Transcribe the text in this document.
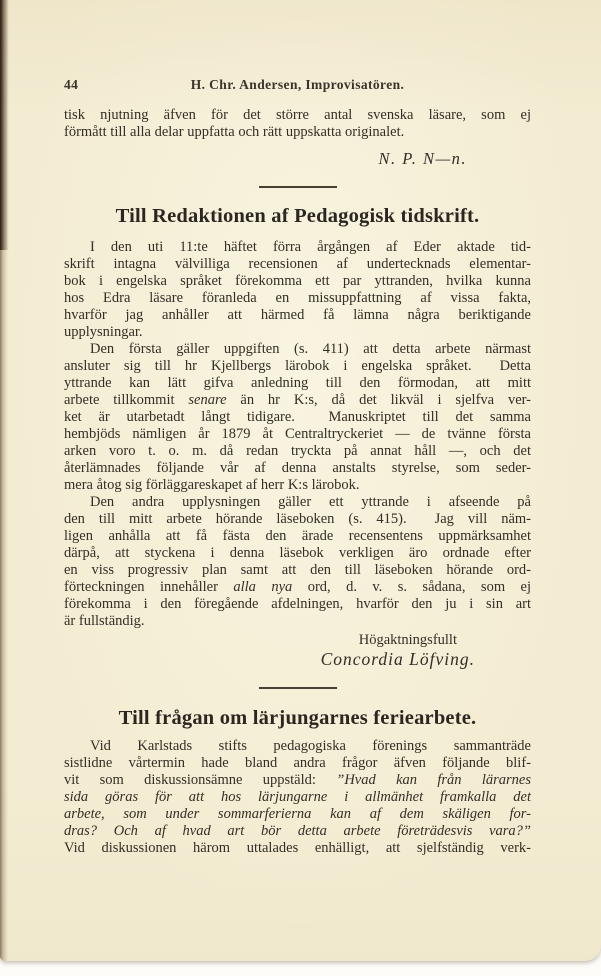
44	H. Chr. Andersen, Improvisatören.
tisk njutning äfven för det större antal svenska läsare, som ej
förmått till alla delar uppfatta och rätt uppskatta originalet.
N. P. N—n.
Till Redaktionen af Pedagogisk tidskrift.
I den uti 11:te häftet förra årgången af Eder aktade tid-
skrift intagna välvilliga recensionen af undertecknads elementar-
bok i engelska språket förekomma ett par yttranden, hvilka kunna
hos Edra läsare föranleda en missuppfattning af vissa fakta,
hvarför jag anhåller att härmed få lämna några beriktigande
upplysningar.
Den första gäller uppgiften (s. 411) att detta arbete närmast
ansluter sig till hr Kjellbergs lärobok i engelska språket.  Detta
yttrande kan lätt gifva anledning till den förmodan, att mitt
arbete tillkommit senare än hr K:s, då det likväl i sjelfva ver-
ket är utarbetadt långt tidigare.  Manuskriptet till det samma
hembjöds nämligen år 1879 åt Centraltryckeriet — de tvänne första
arken voro t. o. m. då redan tryckta på annat håll —, och det
återlämnades följande vår af denna anstalts styrelse, som seder-
mera åtog sig förläggareskapet af herr K:s lärobok.
Den andra upplysningen gäller ett yttrande i afseende på
den till mitt arbete hörande läseboken (s. 415).  Jag vill näm-
ligen anhålla att få fästa den ärade recensentens uppmärksamhet
därpå, att styckena i denna läsebok verkligen äro ordnade efter
en viss progressiv plan samt att den till läseboken hörande ord-
förteckningen innehåller alla nya ord, d. v. s. sådana, som ej
förekomma i den föregående afdelningen, hvarför den ju i sin art
är fullständig.
Högaktningsfullt
Concordia Löfving.
Till frågan om lärjungarnes feriearbete.
Vid Karlstads stifts pedagogiska förenings sammanträde
sistlidne vårtermin hade bland andra frågor äfven följande blif-
vit som diskussionsämne uppstäld: ”Hvad kan från lärarnes
sida göras för att hos lärjungarne i allmänhet framkalla det
arbete, som under sommarferierna kan af dem skäligen for-
dras? Och af hvad art bör detta arbete företrädesvis vara?”
Vid diskussionen härom uttalades enhälligt, att sjelfständig verk-
